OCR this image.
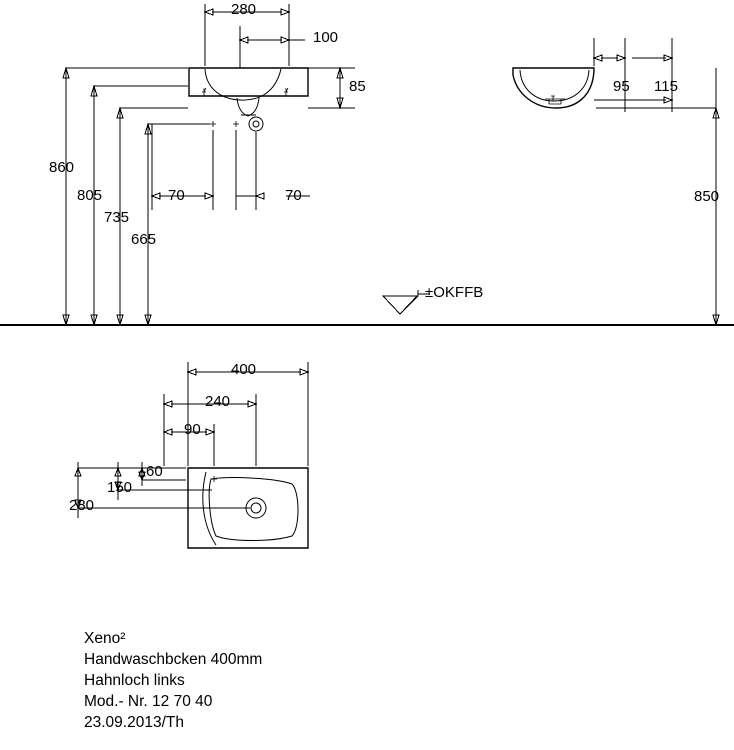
280
100
85
860
805
735
665
70	70
95 115
850
±OKFFB
400
240
90
60
150
280
Xeno²
Handwaschbcken 400mm
Hahnloch links
Mod.- Nr. 12 70 40
23.09.2013/Th
